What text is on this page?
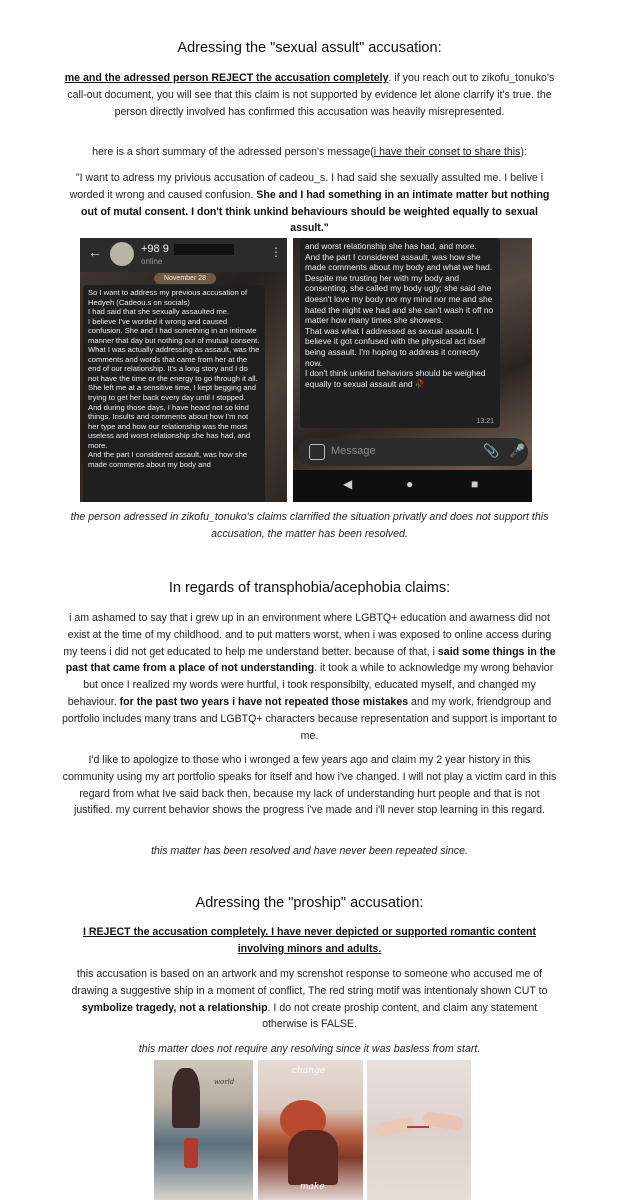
Adressing the "sexual assult" accusation:
me and the adressed person REJECT the accusation completely. if you reach out to zikofu_tonuko's call-out document, you will see that this claim is not supported by evidence let alone clarrify it's true. the person directly involved has confirmed this accusation was heavily misrepresented.
here is a short summary of the adressed person's message(i have their conset to share this):
"I want to adress my privious accusation of cadeou_s. I had said she sexually assulted me. I belive i worded it wrong and caused confusion. She and I had something in an intimate matter but nothing out of mutal consent. I don't think unkind behaviours should be weighted equally to sexual assult."
←	+98 9
online
⋮
November 28

So I want to address my previous accusation of Hedyeh (Cadeou.s on socials)
I had said that she sexually assaulted me.
I believe I've worded it wrong and caused confusion. She and I had something in an intimate manner that day but nothing out of mutual consent.
What I was actually addressing as assault, was the comments and words that came from her at the end of our relationship. It's a long story and I do not have the time or the energy to go through it all.
She left me at a sensitive time, I kept begging and trying to get her back every day until I stopped. And during those days, I have heard not so kind things. Insults and comments about how I'm not her type and how our relationship was the most useless and worst relationship she has had, and more.
And the part I considered assault, was how she made comments about my body and

and worst relationship she has had, and more.
And the part I considered assault, was how she made comments about my body and what we had. Despite me trusting her with my body and consenting, she called my body ugly; she said she doesn't love my body nor my mind nor me and she hated the night we had and she can't wash it off no matter how many times she showers.
That was what I addressed as sexual assault. I believe it got confused with the physical act itself being assault. I'm hoping to address it correctly now.
I don't think unkind behaviors should be weighed equally to sexual assault and 🥀

13:21
Message	📎 🎤
◀	●	■
the person adressed in zikofu_tonuko's claims clarrified the situation privatly and does not support this accusation, the matter has been resolved.
In regards of transphobia/acephobia claims:
i am ashamed to say that i grew up in an environment where LGBTQ+ education and awarness did not exist at the time of my childhood. and to put matters worst, when i was exposed to online access during my teens i did not get educated to help me understand better. because of that, i said some things in the past that came from a place of not understanding. it took a while to acknowledge my wrong behavior but once I realized my words were hurtful, i took responsibilty, educated myself, and changed my behaviour. for the past two years i have not repeated those mistakes and my work, friendgroup and portfolio includes many trans and LGBTQ+ characters because representation and support is important to me.
I'd like to apologize to those who i wronged a few years ago and claim my 2 year history in this community using my art portfolio speaks for itself and how i've changed. I will not play a victim card in this regard from what Ive said back then, because my lack of understanding hurt people and that is not justified. my current behavior shows the progress i've made and i'll never stop learning in this regard.
this matter has been resolved and have never been repeated since.
Adressing the "proship" accusation:
I REJECT the accusation completely. I have never depicted or supported romantic content involving minors and adults.
this accusation is based on an artwork and my screnshot response to someone who accused me of drawing a suggestive ship in a moment of conflict, The red string motif was intentionaly shown CUT to symbolize tragedy, not a relationship. I do not create proship content, and claim any statement otherwise is FALSE.
this matter does not require any resolving since it was basless from start.
world
change
make
